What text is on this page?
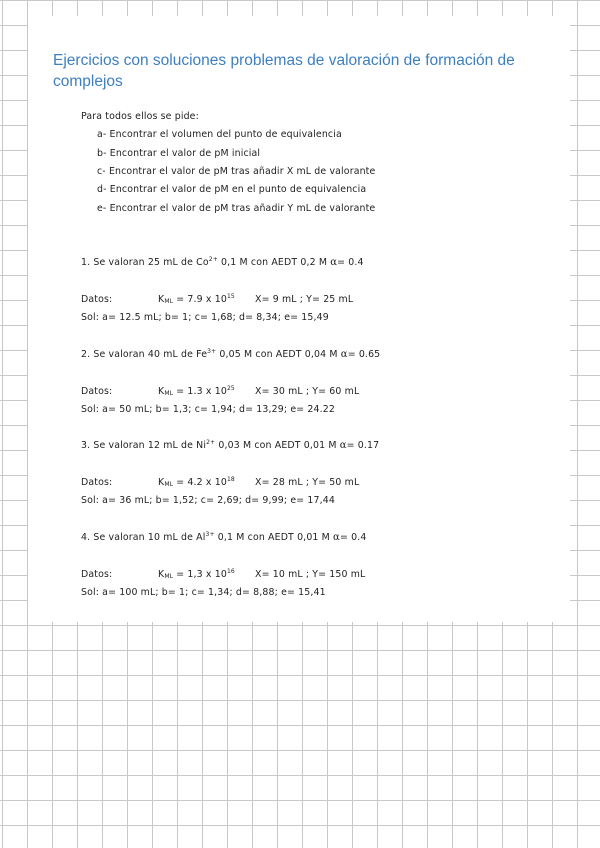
Ejercicios con soluciones problemas de valoración de formación de complejos
Para todos ellos se pide:
a- Encontrar el volumen del punto de equivalencia
b- Encontrar el valor de pM inicial
c- Encontrar el valor de pM tras añadir X mL de valorante
d- Encontrar el valor de pM en el punto de equivalencia
e- Encontrar el valor de pM tras añadir Y mL de valorante
1. Se valoran 25 mL de $Co^{2+}$ 0,1 M con AEDT 0,2 M α= 0.4
Datos:	$K_{ML} = 7.9$ x $10^{15}$ X= 9 mL ; Y= 25 mL
Sol: a= 12.5 mL; b= 1; c= 1,68; d= 8,34; e= 15,49
2. Se valoran 40 mL de $Fe^{3+}$ 0,05 M con AEDT 0,04 M α= 0.65
Datos:	$K_{ML} = 1.3$ x $10^{25}$ X= 30 mL ; Y= 60 mL
Sol: a= 50 mL; b= 1,3; c= 1,94; d= 13,29; e= 24.22
3. Se valoran 12 mL de $Ni^{2+}$ 0,03 M con AEDT 0,01 M α= 0.17
Datos:	$K_{ML} = 4.2$ x $10^{18}$ X= 28 mL ; Y= 50 mL
Sol: a= 36 mL; b= 1,52; c= 2,69; d= 9,99; e= 17,44
4. Se valoran 10 mL de $Al^{3+}$ 0,1 M con AEDT 0,01 M α= 0.4
Datos:	$K_{ML} = 1,3$ x $10^{16}$ X= 10 mL ; Y= 150 mL
Sol: a= 100 mL; b= 1; c= 1,34; d= 8,88; e= 15,41
